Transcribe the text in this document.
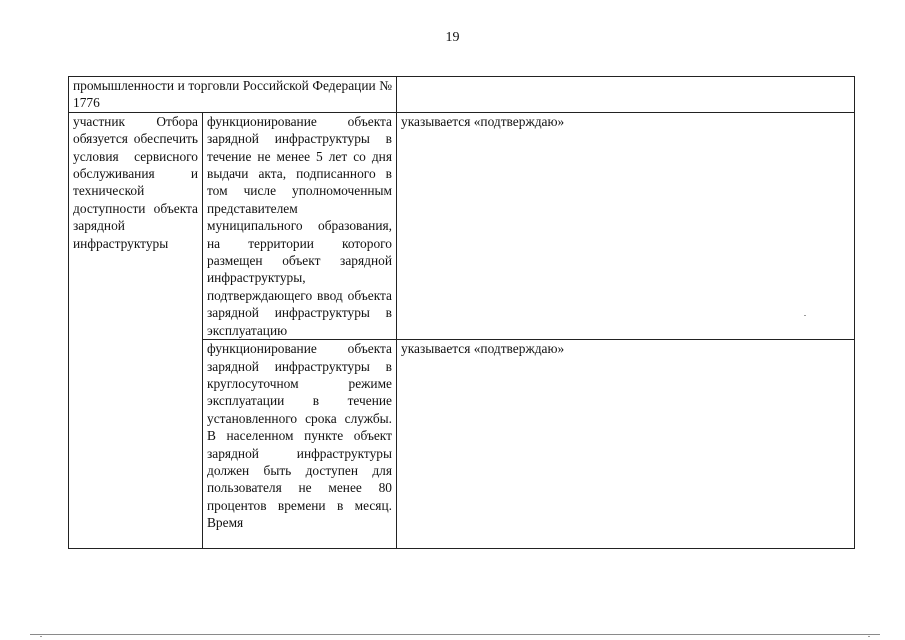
19
промышленности и торговли Российской Федерации № 1776		
участник Отбора обязуется обеспечить условия сервисного обслуживания и технической доступности объекта зарядной инфраструктуры	функционирование объекта зарядной инфраструктуры в течение не менее 5 лет со дня выдачи акта, подписанного в том числе уполномоченным представителем муниципального образования, на территории которого размещен объект зарядной инфраструктуры, подтверждающего ввод объекта зарядной инфраструктуры в эксплуатацию	указывается «подтверждаю»

	функционирование объекта зарядной инфраструктуры в круглосуточном режиме эксплуатации в течение установленного срока службы. В населенном пункте объект зарядной инфраструктуры должен быть доступен для пользователя не менее 80 процентов времени в месяц. Время	указывается «подтверждаю»
